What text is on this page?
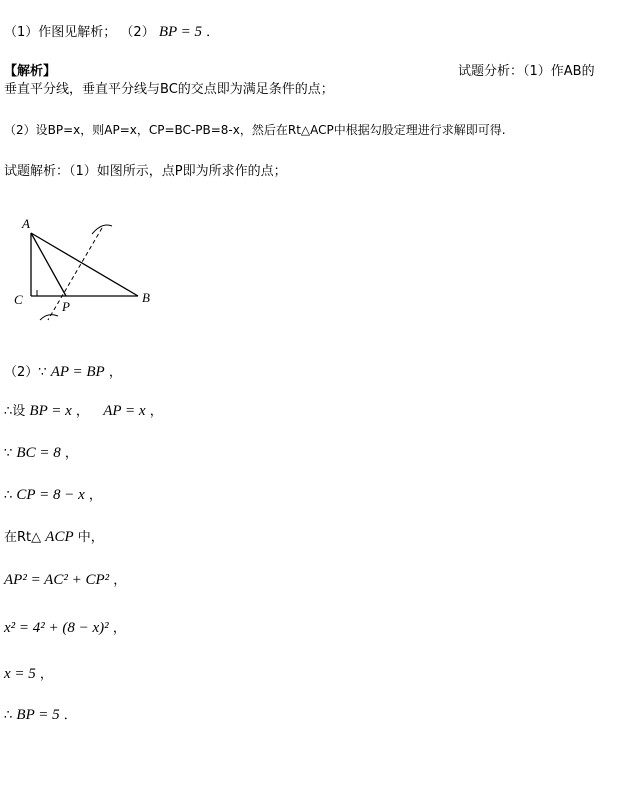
（1）作图见解析； （2） BP = 5 ．
【解析】	试题分析：（1）作AB的
垂直平分线，垂直平分线与BC的交点即为满足条件的点；
（2）设BP=x，则AP=x，CP=BC-PB=8-x，然后在Rt△ACP中根据勾股定理进行求解即可得.
试题解析：（1）如图所示，点P即为所求作的点；
A
C	P
B
（2）∵ AP = BP ，
∴设 BP = x ， AP = x ，
∵ BC = 8 ，
∴ CP = 8 − x ，
在Rt△ ACP 中，
AP² = AC² + CP² ，
x² = 4² + (8 − x)² ，
x = 5 ，
∴ BP = 5 ．
